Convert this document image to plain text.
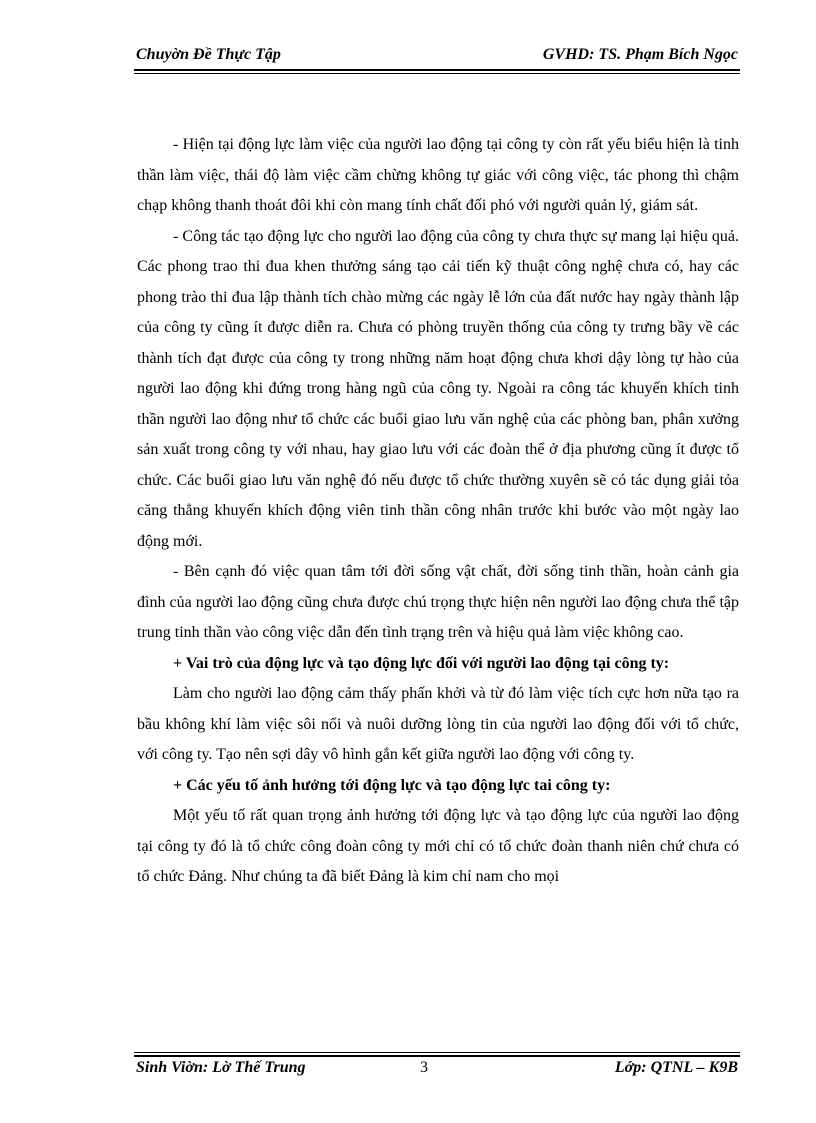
Chuyờn Đề Thực Tập	GVHD: TS. Phạm Bích Ngọc

- Hiện tại động lực làm việc của người lao động tại công ty còn rất yếu biểu hiện là tinh thần làm việc, thái độ làm việc cầm chừng không tự giác với công việc, tác phong thì chậm chạp không thanh thoát đôi khi còn mang tính chất đối phó với người quản lý, giám sát.

- Công tác tạo động lực cho người lao động của công ty chưa thực sự mang lại hiệu quả. Các phong trao thi đua khen thưởng sáng tạo cải tiến kỹ thuật công nghệ chưa có, hay các phong trào thi đua lập thành tích chào mừng các ngày lễ lớn của đất nước hay ngày thành lập của công ty cũng ít được diễn ra. Chưa có phòng truyền thống của công ty trưng bầy về các thành tích đạt được của công ty trong những năm hoạt động chưa khơi dậy lòng tự hào của người lao động khi đứng trong hàng ngũ của công ty. Ngoài ra công tác khuyến khích tinh thần người lao động như tổ chức các buổi giao lưu văn nghệ của các phòng ban, phân xưởng sản xuất trong công ty với nhau, hay giao lưu với các đoàn thể ở địa phương cũng ít được tổ chức. Các buổi giao lưu văn nghệ đó nếu được tổ chức thường xuyên sẽ có tác dụng giải tỏa căng thẳng khuyến khích động viên tinh thần công nhân trước khi bước vào một ngày lao động mới.

- Bên cạnh đó việc quan tâm tới đời sống vật chất, đời sống tinh thần, hoàn cảnh gia đình của người lao động cũng chưa được chú trọng thực hiện nên người lao động chưa thể tập trung tinh thần vào công việc dẫn đến tình trạng trên và hiệu quả làm việc không cao.

+ Vai trò của động lực và tạo động lực đối với người lao động tại công ty:

Làm cho người lao động cảm thấy phấn khởi và từ đó làm việc tích cực hơn nữa tạo ra bầu không khí làm việc sôi nổi và nuôi dưỡng lòng tin của người lao động đối với tổ chức, với công ty. Tạo nên sợi dây vô hình gắn kết giữa người lao động với công ty.

+ Các yếu tố ảnh hưởng tới động lực và tạo động lực tai công ty:

Một yếu tố rất quan trọng ảnh hưởng tới động lực và tạo động lực của người lao động tại công ty đó là tổ chức công đoàn công ty mới chỉ có tổ chức đoàn thanh niên chứ chưa có tổ chức Đảng. Như chúng ta đã biết Đảng là kim chỉ nam cho mọi

Sinh Viờn: Lờ Thế Trung	3	Lớp: QTNL – K9B
